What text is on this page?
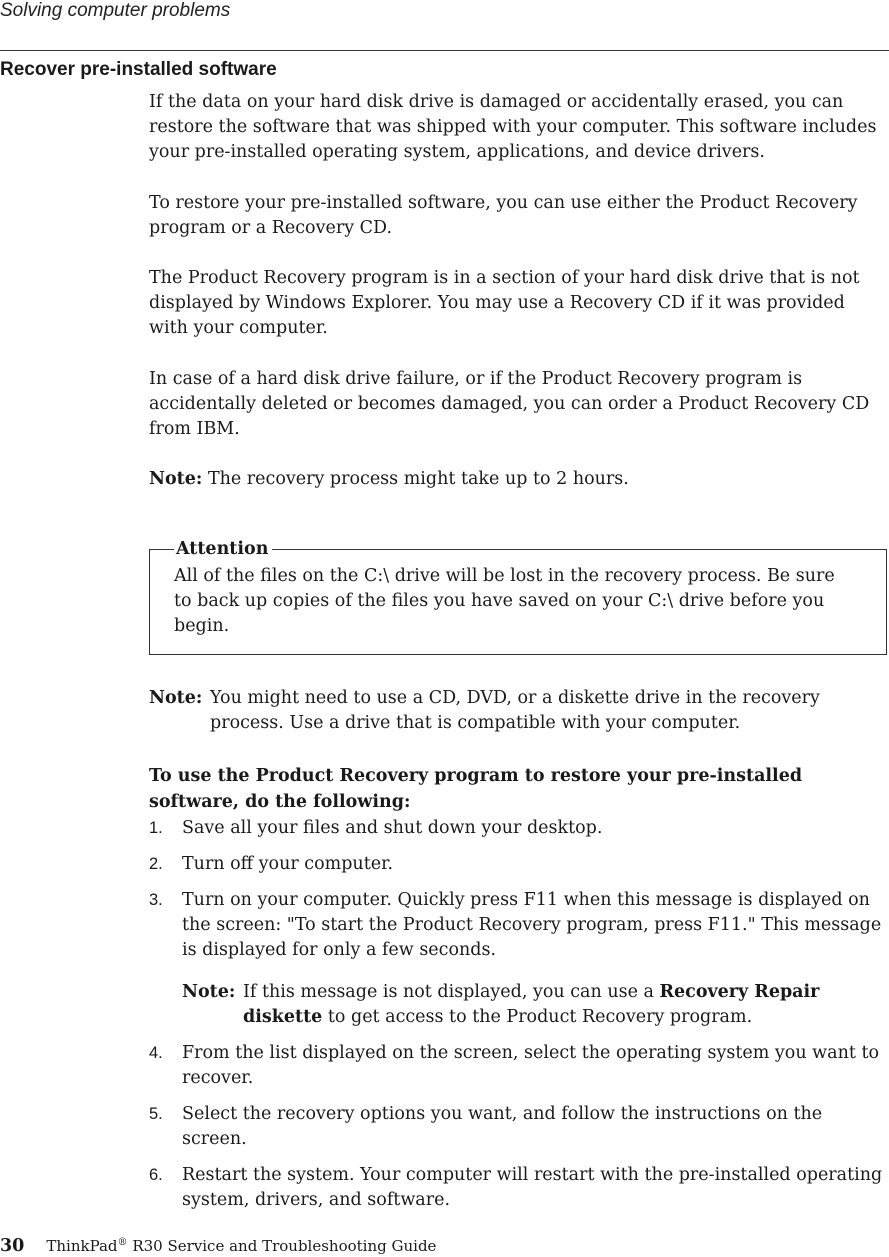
Solving computer problems
Recover pre-installed software

If the data on your hard disk drive is damaged or accidentally erased, you can restore the software that was shipped with your computer. This software includes your pre-installed operating system, applications, and device drivers.

To restore your pre-installed software, you can use either the Product Recovery program or a Recovery CD.

The Product Recovery program is in a section of your hard disk drive that is not displayed by Windows Explorer. You may use a Recovery CD if it was provided with your computer.

In case of a hard disk drive failure, or if the Product Recovery program is accidentally deleted or becomes damaged, you can order a Product Recovery CD from IBM.

Note: The recovery process might take up to 2 hours.
Attention

All of the files on the C:\ drive will be lost in the recovery process. Be sure to back up copies of the files you have saved on your C:\ drive before you begin.

Note: You might need to use a CD, DVD, or a diskette drive in the recovery process. Use a drive that is compatible with your computer.

To use the Product Recovery program to restore your pre-installed software, do the following:

1. Save all your files and shut down your desktop.
2. Turn off your computer.
3. Turn on your computer. Quickly press F11 when this message is displayed on the screen: "To start the Product Recovery program, press F11." This message is displayed for only a few seconds.
Note: If this message is not displayed, you can use a Recovery Repair diskette to get access to the Product Recovery program.
4. From the list displayed on the screen, select the operating system you want to recover.
5. Select the recovery options you want, and follow the instructions on the screen.
6. Restart the system. Your computer will restart with the pre-installed operating system, drivers, and software.
30 ThinkPad® R30 Service and Troubleshooting Guide
